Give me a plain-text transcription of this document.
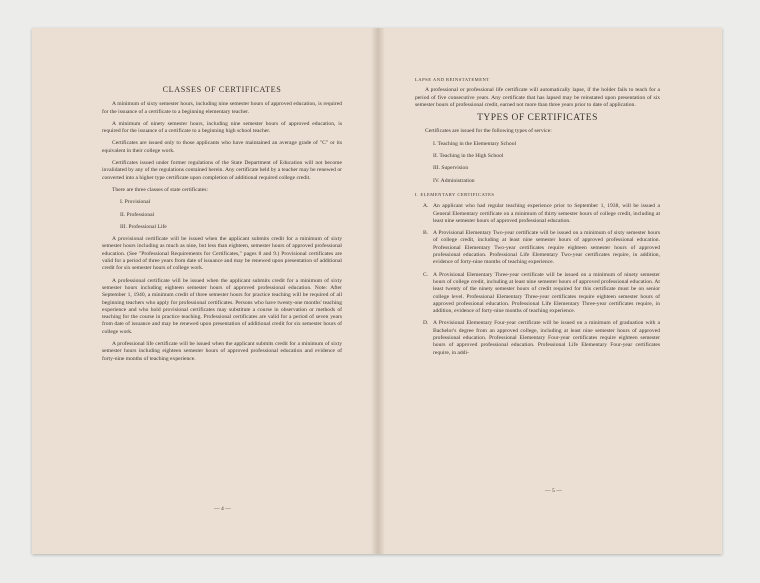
CLASSES OF CERTIFICATES

A minimum of sixty semester hours, including nine semester hours of approved education, is required for the issuance of a certificate to a beginning elementary teacher.

A minimum of ninety semester hours, including nine semester hours of approved education, is required for the issuance of a certificate to a beginning high school teacher.

Certificates are issued only to those applicants who have maintained an average grade of "C" or its equivalent in their college work.

Certificates issued under former regulations of the State Department of Education will not become invalidated by any of the regulations contained herein. Any certificate held by a teacher may be renewed or converted into a higher type certificate upon completion of additional required college credit.

There are three classes of state certificates:

I. Provisional
II. Professional
III. Professional Life

A provisional certificate will be issued when the applicant submits credit for a minimum of sixty semester hours including as much as nine, but less than eighteen, semester hours of approved professional education. (See "Professional Requirements for Certificates," pages 8 and 9.) Provisional certificates are valid for a period of three years from date of issuance and may be renewed upon presentation of additional credit for six semester hours of college work.

A professional certificate will be issued when the applicant submits credit for a minimum of sixty semester hours including eighteen semester hours of approved professional education. Note: After September 1, 1940, a minimum credit of three semester hours for practice teaching will be required of all beginning teachers who apply for professional certificates. Persons who have twenty-one months' teaching experience and who hold provisional certificates may substitute a course in observation or methods of teaching for the course in practice teaching. Professional certificates are valid for a period of seven years from date of issuance and may be renewed upon presentation of additional credit for six semester hours of college work.

A professional life certificate will be issued when the applicant submits credit for a minimum of sixty semester hours including eighteen semester hours of approved professional education and evidence of forty-nine months of teaching experience.

— 4 —
LAPSE AND REINSTATEMENT

A professional or professional life certificate will automatically lapse, if the holder fails to teach for a period of five consecutive years. Any certificate that has lapsed may be reinstated upon presentation of six semester hours of professional credit, earned not more than three years prior to date of application.

TYPES OF CERTIFICATES

Certificates are issued for the following types of service:

I. Teaching in the Elementary School
II. Teaching in the High School
III. Supervision
IV. Administration
I. ELEMENTARY CERTIFICATES
A. An applicant who had regular teaching experience prior to September 1, 1938, will be issued a General Elementary certificate on a minimum of thirty semester hours of college credit, including at least nine semester hours of approved professional education.
B. A Provisional Elementary Two-year certificate will be issued on a minimum of sixty semester hours of college credit, including at least nine semester hours of approved professional education. Professional Elementary Two-year certificates require eighteen semester hours of approved professional education. Professional Life Elementary Two-year certificates require, in addition, evidence of forty-nine months of teaching experience.
C. A Provisional Elementary Three-year certificate will be issued on a minimum of ninety semester hours of college credit, including at least nine semester hours of approved professional education. At least twenty of the ninety semester hours of credit required for this certificate must be on senior college level. Professional Elementary Three-year certificates require eighteen semester hours of approved professional education. Professional Life Elementary Three-year certificates require, in addition, evidence of forty-nine months of teaching experience.
D. A Provisional Elementary Four-year certificate will be issued on a minimum of graduation with a Bachelor's degree from an approved college, including at least nine semester hours of approved professional education. Professional Elementary Four-year certificates require eighteen semester hours of approved professional education. Professional Life Elementary Four-year certificates require, in addi-
— 5 —
